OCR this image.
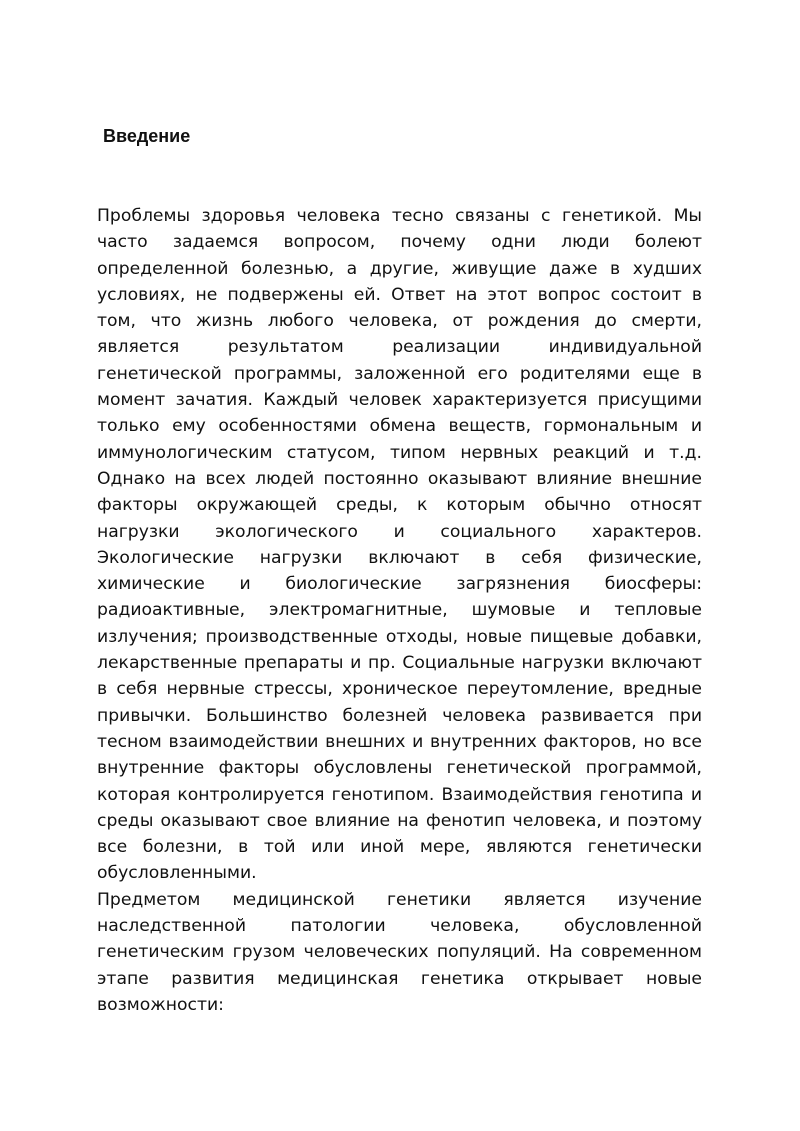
Введение

Проблемы здоровья человека тесно связаны с генетикой. Мы часто задаемся вопросом, почему одни люди болеют определенной болезнью, а другие, живущие даже в худших условиях, не подвержены ей. Ответ на этот вопрос состоит в том, что жизнь любого человека, от рождения до смерти, является результатом реализации индивидуальной генетической программы, заложенной его родителями еще в момент зачатия. Каждый человек характеризуется присущими только ему особенностями обмена веществ, гормональным и иммунологическим статусом, типом нервных реакций и т.д. Однако на всех людей постоянно оказывают влияние внешние факторы окружающей среды, к которым обычно относят нагрузки экологического и социального характеров. Экологические нагрузки включают в себя физические, химические и биологические загрязнения биосферы: радиоактивные, электромагнитные, шумовые и тепловые излучения; производственные отходы, новые пищевые добавки, лекарственные препараты и пр. Социальные нагрузки включают в себя нервные стрессы, хроническое переутомление, вредные привычки. Большинство болезней человека развивается при тесном взаимодействии внешних и внутренних факторов, но все внутренние факторы обусловлены генетической программой, которая контролируется генотипом. Взаимодействия генотипа и среды оказывают свое влияние на фенотип человека, и поэтому все болезни, в той или иной мере, являются генетически обусловленными.

Предметом медицинской генетики является изучение наследственной патологии человека, обусловленной генетическим грузом человеческих популяций. На современном этапе развития медицинская генетика открывает новые возможности:
